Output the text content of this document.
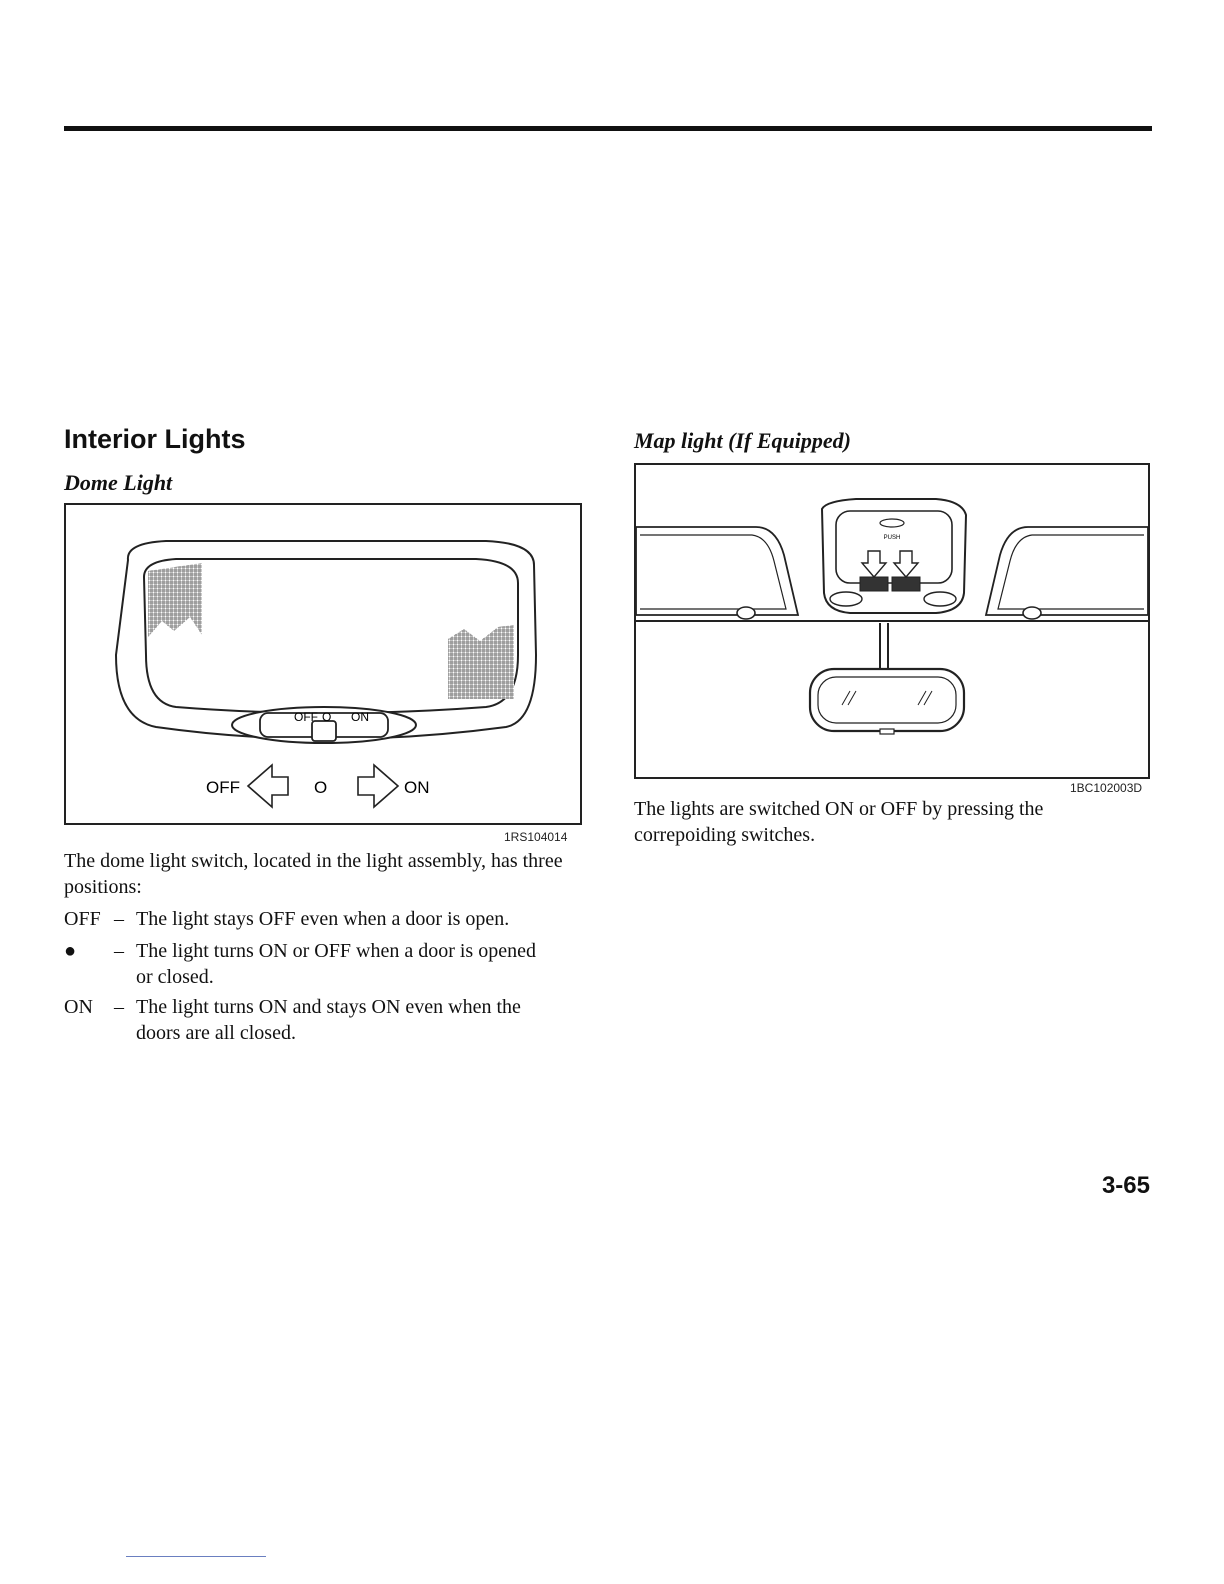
Interior Lights
Dome Light
OFF O ON
OFF	O	ON
1RS104014
The dome light switch, located in the light assembly, has three positions:
OFF – The light stays OFF even when a door is open.
● – The light turns ON or OFF when a door is opened or closed.
ON – The light turns ON and stays ON even when the doors are all closed.
Map light (If Equipped)
PUSH
1BC102003D
The lights are switched ON or OFF by pressing the correpoiding switches.
3-65
